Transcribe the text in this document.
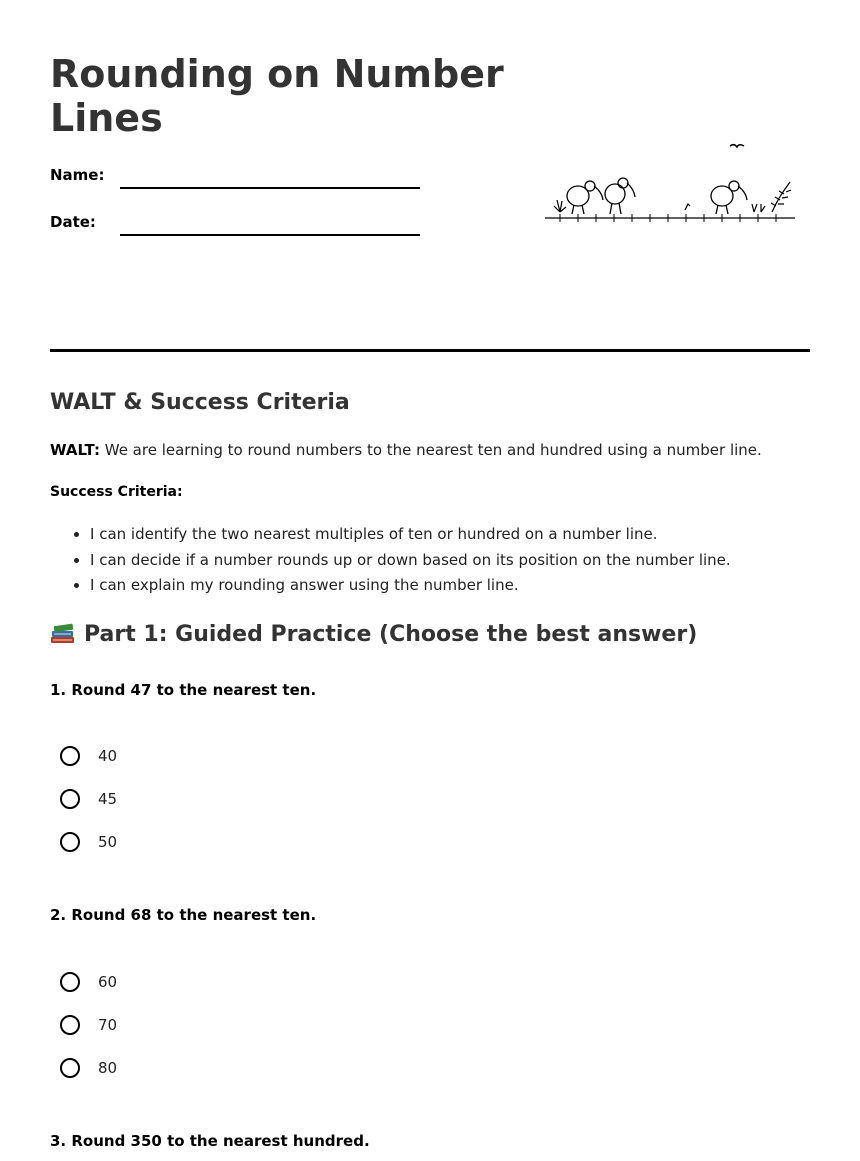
Rounding on Number Lines
Name:
Date:
WALT & Success Criteria

WALT: We are learning to round numbers to the nearest ten and hundred using a number line.

Success Criteria:

• I can identify the two nearest multiples of ten or hundred on a number line.
• I can decide if a number rounds up or down based on its position on the number line.
• I can explain my rounding answer using the number line.
Part 1: Guided Practice (Choose the best answer)

1. Round 47 to the nearest ten.

40
45
50

2. Round 68 to the nearest ten.

60
70
80

3. Round 350 to the nearest hundred.
